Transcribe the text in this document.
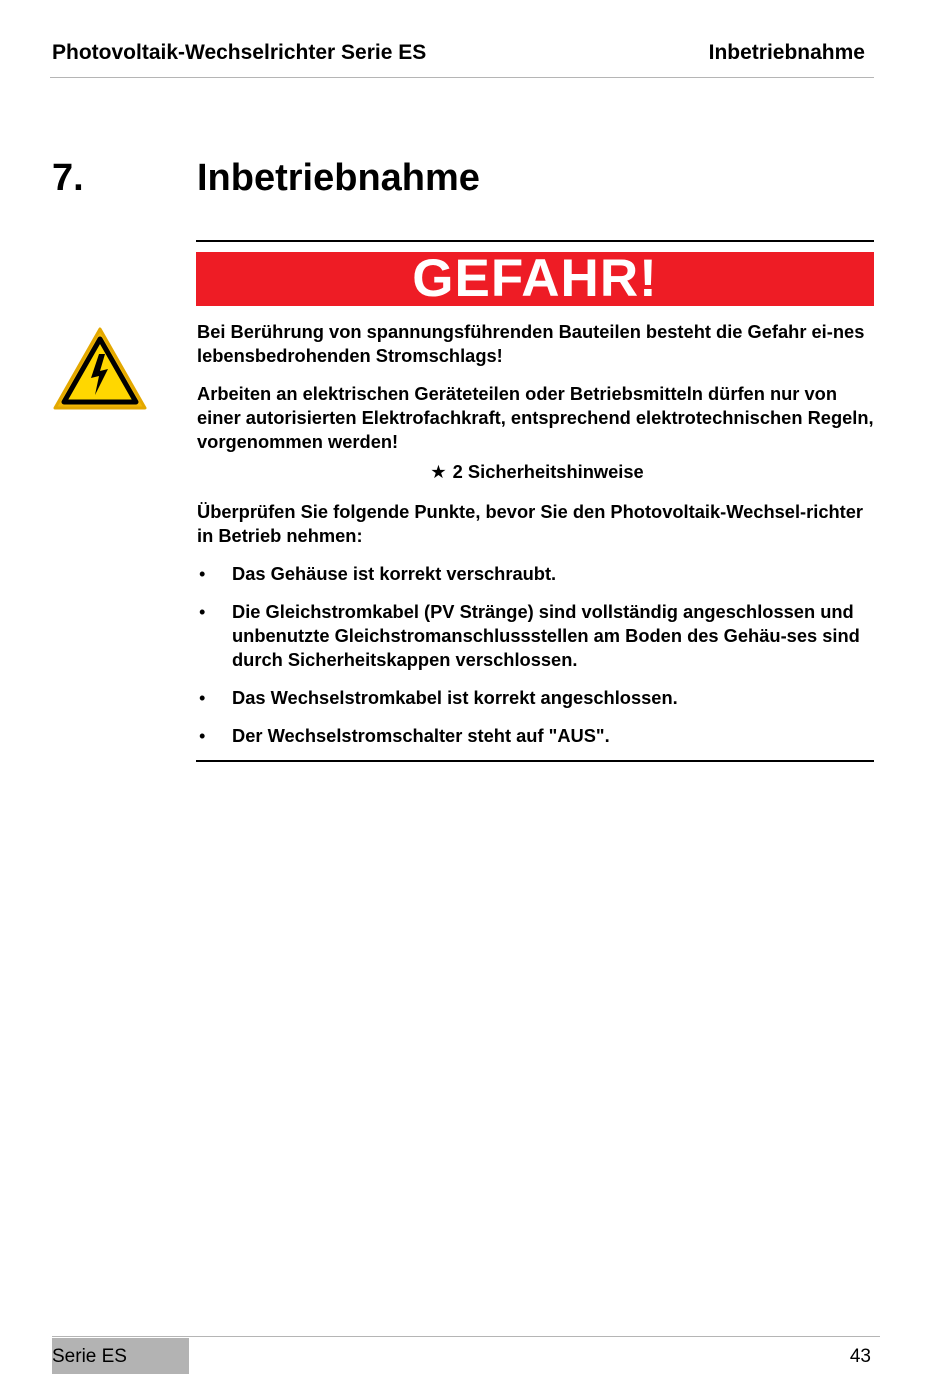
Photovoltaik-Wechselrichter Serie ES	Inbetriebnahme
7.	Inbetriebnahme
GEFAHR!

Bei Berührung von spannungsführenden Bauteilen besteht die Gefahr ei-nes lebensbedrohenden Stromschlags!

Arbeiten an elektrischen Geräteteilen oder Betriebsmitteln dürfen nur von einer autorisierten Elektrofachkraft, entsprechend elektrotechnischen Regeln, vorgenommen werden!

★ 2 Sicherheitshinweise

Überprüfen Sie folgende Punkte, bevor Sie den Photovoltaik-Wechsel-richter in Betrieb nehmen:

• Das Gehäuse ist korrekt verschraubt.
• Die Gleichstromkabel (PV Stränge) sind vollständig angeschlossen und unbenutzte Gleichstromanschlussstellen am Boden des Gehäu-ses sind durch Sicherheitskappen verschlossen.
• Das Wechselstromkabel ist korrekt angeschlossen.
• Der Wechselstromschalter steht auf "AUS".
Serie ES	43
